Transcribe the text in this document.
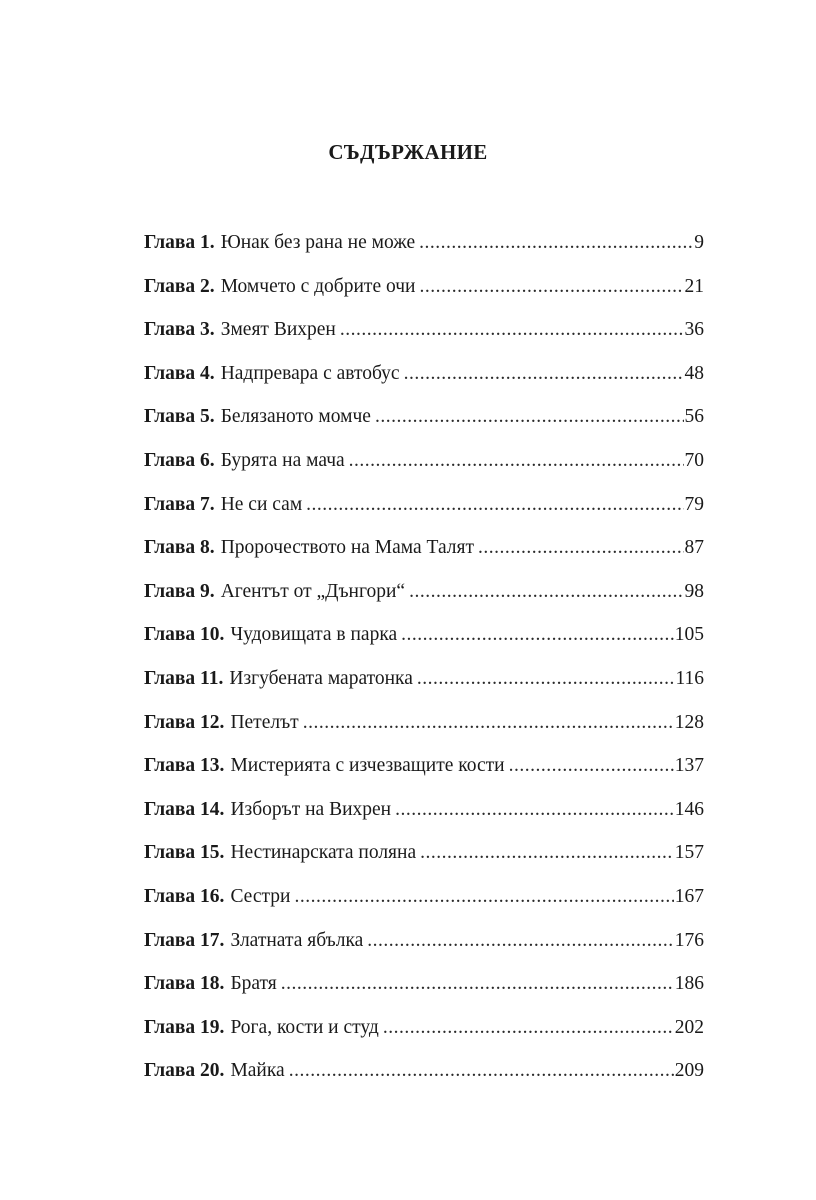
СЪДЪРЖАНИЕ
Глава 1. Юнак без рана не може .....	9
Глава 2. Момчето с добрите очи .....	21
Глава 3. Змеят Вихрен .....	36
Глава 4. Надпревара с автобус .....	48
Глава 5. Белязаното момче .....	56
Глава 6. Бурята на мача .....	70
Глава 7. Не си сам .....	79
Глава 8. Пророчеството на Мама Талят .....	87
Глава 9. Агентът от „Дънгори“ .....	98
Глава 10. Чудовищата в парка .....	105
Глава 11. Изгубената маратонка .....	116
Глава 12. Петелът .....	128
Глава 13. Мистерията с изчезващите кости .....	137
Глава 14. Изборът на Вихрен .....	146
Глава 15. Нестинарската поляна .....	157
Глава 16. Сестри .....	167
Глава 17. Златната ябълка .....	176
Глава 18. Братя .....	186
Глава 19. Рога, кости и студ .....	202
Глава 20. Майка .....	209
